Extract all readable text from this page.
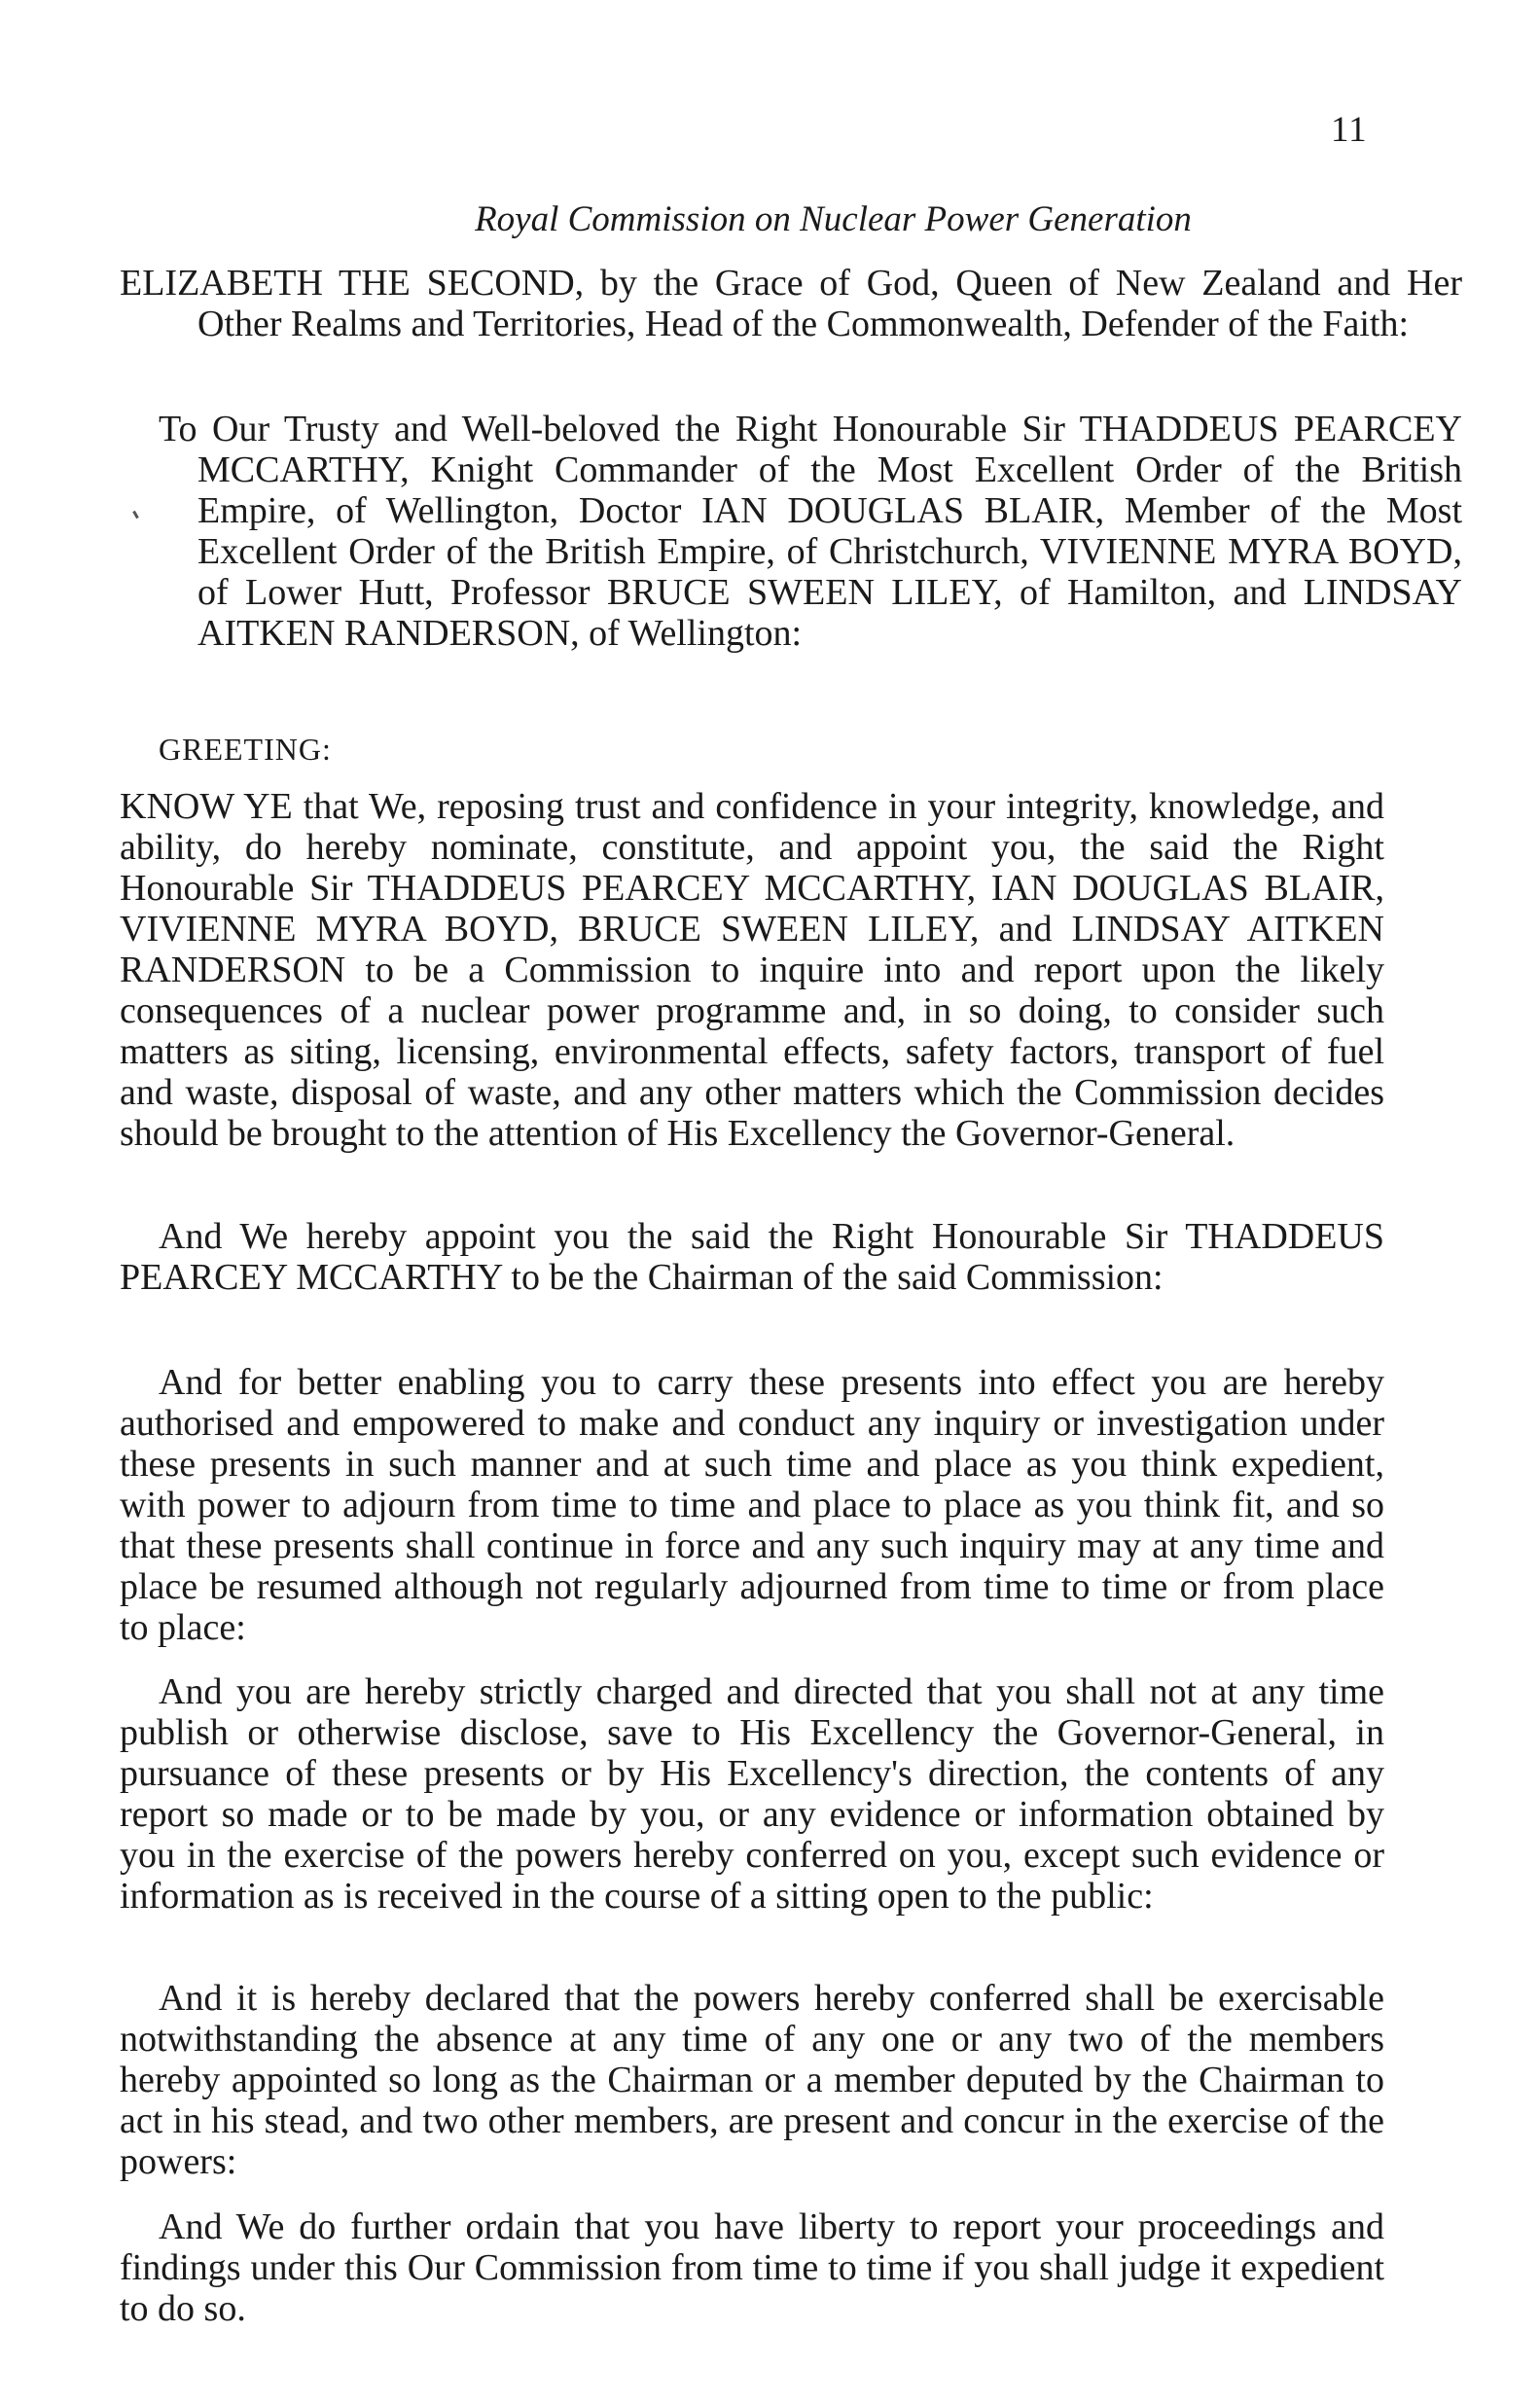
11
Royal Commission on Nuclear Power Generation

ELIZABETH THE SECOND, by the Grace of God, Queen of New Zealand and Her Other Realms and Territories, Head of the Commonwealth, Defender of the Faith:

To Our Trusty and Well-beloved the Right Honourable Sir THADDEUS PEARCEY MCCARTHY, Knight Commander of the Most Excellent Order of the British Empire, of Wellington, Doctor IAN DOUGLAS BLAIR, Member of the Most Excellent Order of the British Empire, of Christchurch, VIVIENNE MYRA BOYD, of Lower Hutt, Professor BRUCE SWEEN LILEY, of Hamilton, and LINDSAY AITKEN RANDERSON, of Wellington:

GREETING:

KNOW YE that We, reposing trust and confidence in your integrity, knowledge, and ability, do hereby nominate, constitute, and appoint you, the said the Right Honourable Sir THADDEUS PEARCEY MCCARTHY, IAN DOUGLAS BLAIR, VIVIENNE MYRA BOYD, BRUCE SWEEN LILEY, and LINDSAY AITKEN RANDERSON to be a Commission to inquire into and report upon the likely consequences of a nuclear power programme and, in so doing, to consider such matters as siting, licensing, environmental effects, safety factors, transport of fuel and waste, disposal of waste, and any other matters which the Commission decides should be brought to the attention of His Excellency the Governor-General.

And We hereby appoint you the said the Right Honourable Sir THADDEUS PEARCEY MCCARTHY to be the Chairman of the said Commission:

And for better enabling you to carry these presents into effect you are hereby authorised and empowered to make and conduct any inquiry or investigation under these presents in such manner and at such time and place as you think expedient, with power to adjourn from time to time and place to place as you think fit, and so that these presents shall continue in force and any such inquiry may at any time and place be resumed although not regularly adjourned from time to time or from place to place:

And you are hereby strictly charged and directed that you shall not at any time publish or otherwise disclose, save to His Excellency the Governor-General, in pursuance of these presents or by His Excellency's direction, the contents of any report so made or to be made by you, or any evidence or information obtained by you in the exercise of the powers hereby conferred on you, except such evidence or information as is received in the course of a sitting open to the public:

And it is hereby declared that the powers hereby conferred shall be exercisable notwithstanding the absence at any time of any one or any two of the members hereby appointed so long as the Chairman or a member deputed by the Chairman to act in his stead, and two other members, are present and concur in the exercise of the powers:

And We do further ordain that you have liberty to report your proceedings and findings under this Our Commission from time to time if you shall judge it expedient to do so.
